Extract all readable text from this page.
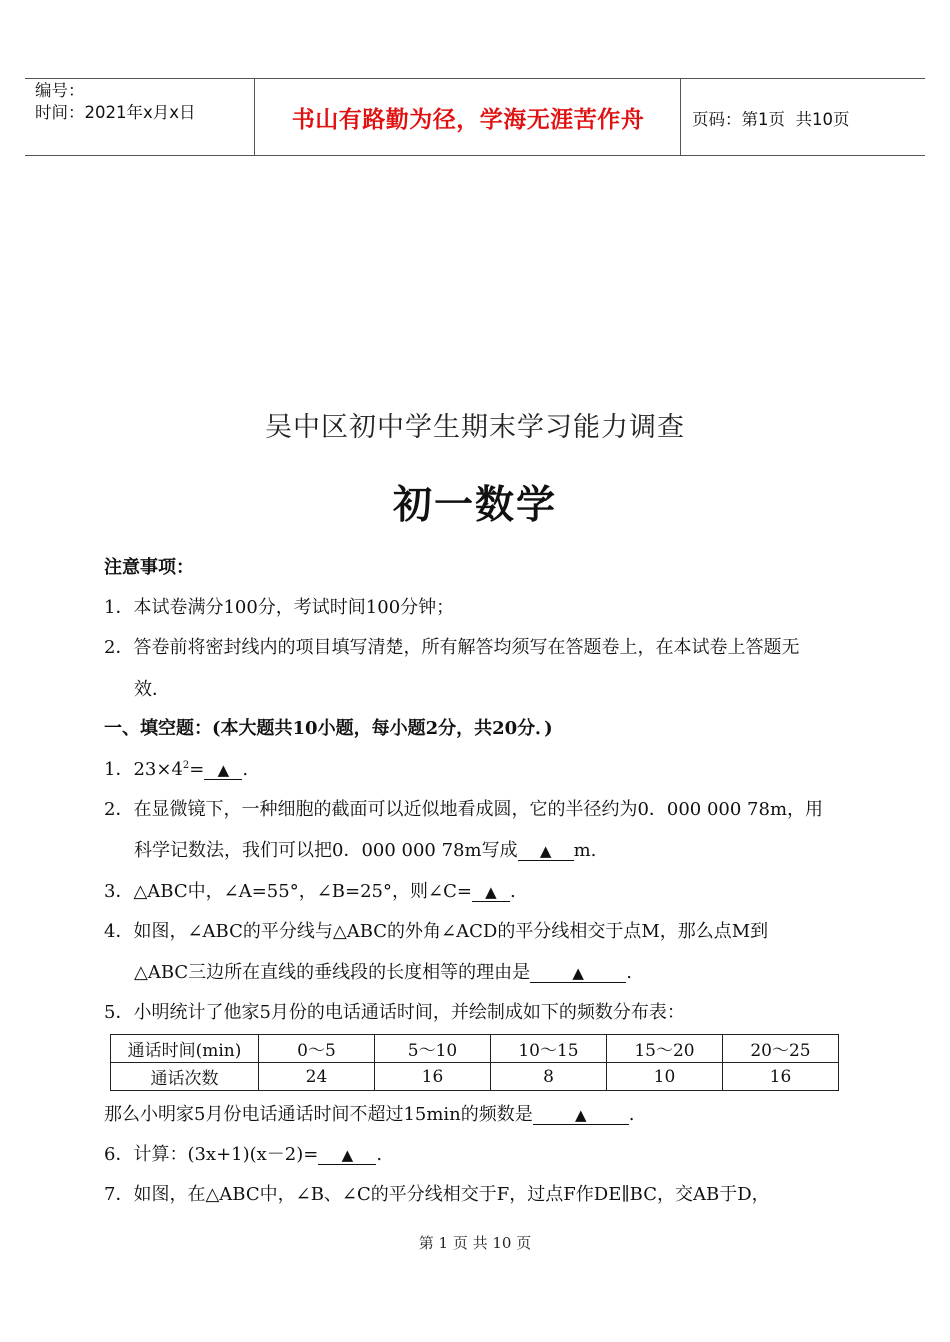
编号：
时间：2021年x月x日	书山有路勤为径，学海无涯苦作舟	页码：第1页  共10页
吴中区初中学生期末学习能力调查
初一数学
注意事项：
1．本试卷满分100分，考试时间100分钟；
2．答卷前将密封线内的项目填写清楚，所有解答均须写在答题卷上，在本试卷上答题无
效．
一、填空题：(本大题共10小题，每小题2分，共20分．)
1．$23\times 4^2=$ ▲ .
2．在显微镜下，一种细胞的截面可以近似地看成圆，它的半径约为0．000 000 78m，用
科学记数法，我们可以把0．000 000 78m写成 ▲ m.
3．△ABC中，∠A=55°，∠B=25°，则∠C= ▲ .
4．如图，∠ABC的平分线与△ABC的外角∠ACD的平分线相交于点M，那么点M到
△ABC三边所在直线的垂线段的长度相等的理由是	▲ .
5．小明统计了他家5月份的电话通话时间，并绘制成如下的频数分布表：
通话时间(min)	0～5	5～10	10～15	15～20	20～25
通话次数	24	16	8	10	16
那么小明家5月份电话通话时间不超过15min的频数是	▲ .
6．计算：(3x+1)(x－2)= ▲ .
7．如图，在△ABC中，∠B、∠C的平分线相交于F，过点F作DE∥BC，交AB于D，
第 1 页 共 10 页
